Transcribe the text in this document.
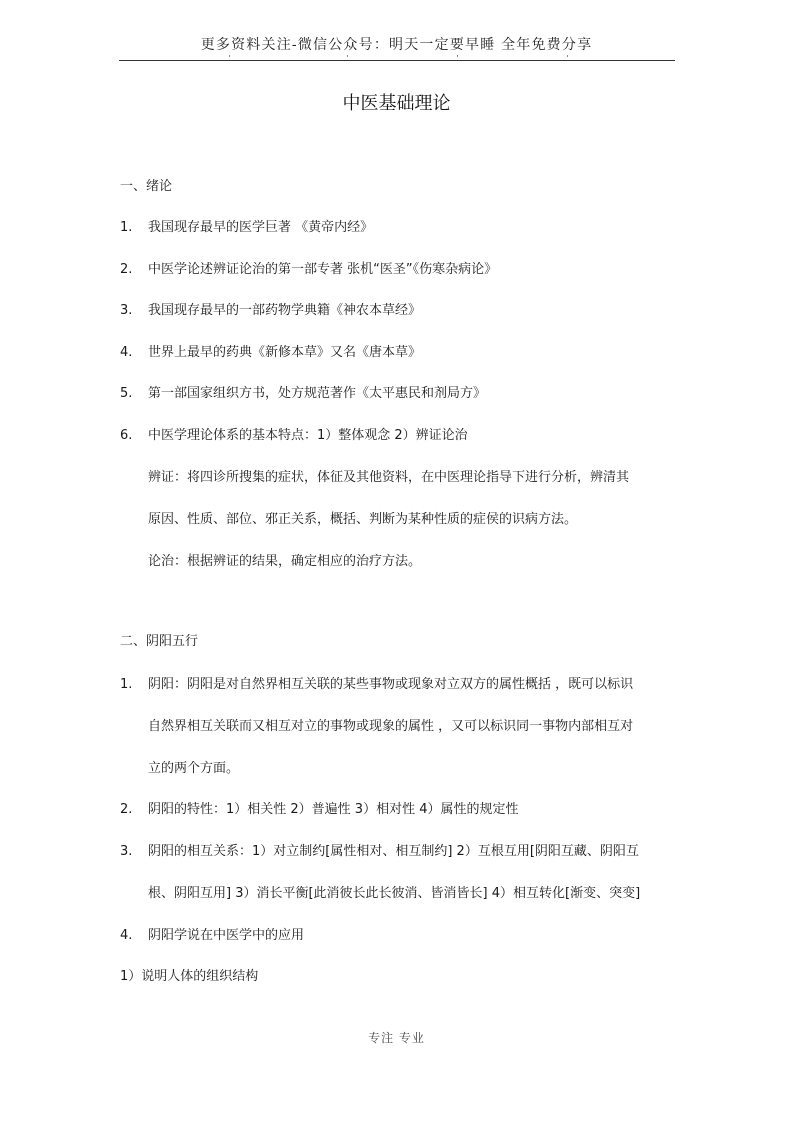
更多资料关注-微信公众号：明天一定要早睡 全年免费分享
中医基础理论
一、绪论
1. 我国现存最早的医学巨著 《黄帝内经》
2. 中医学论述辨证论治的第一部专著 张机“医圣”《伤寒杂病论》
3. 我国现存最早的一部药物学典籍《神农本草经》
4. 世界上最早的药典《新修本草》又名《唐本草》
5. 第一部国家组织方书，处方规范著作《太平惠民和剂局方》
6. 中医学理论体系的基本特点：1）整体观念 2）辨证论治
辨证：将四诊所搜集的症状，体征及其他资料，在中医理论指导下进行分析，辨清其
原因、性质、部位、邪正关系，概括、判断为某种性质的症侯的识病方法。
论治：根据辨证的结果，确定相应的治疗方法。
二、阴阳五行
1. 阴阳：阴阳是对自然界相互关联的某些事物或现象对立双方的属性概括 ，既可以标识
自然界相互关联而又相互对立的事物或现象的属性 ，又可以标识同一事物内部相互对
立的两个方面。
2. 阴阳的特性：1）相关性 2）普遍性 3）相对性 4）属性的规定性
3. 阴阳的相互关系：1）对立制约[属性相对、相互制约] 2）互根互用[阴阳互藏、阴阳互
根、阴阳互用] 3）消长平衡[此消彼长此长彼消、皆消皆长] 4）相互转化[渐变、突变]
4. 阴阳学说在中医学中的应用
1）说明人体的组织结构
专注 专业
